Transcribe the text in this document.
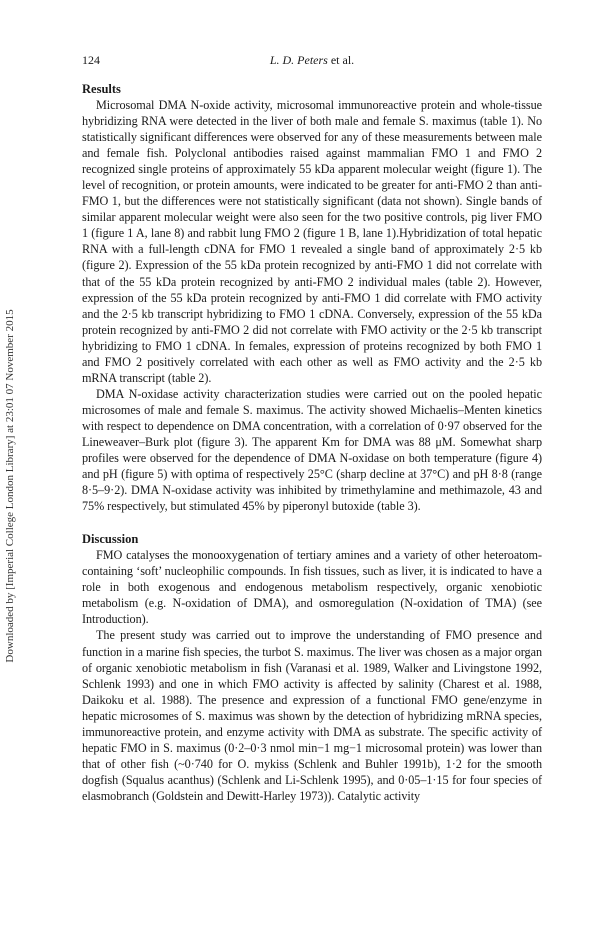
124	L. D. Peters et al.
Downloaded by [Imperial College London Library] at 23:01 07 November 2015
Results

Microsomal DMA N-oxide activity, microsomal immunoreactive protein and whole-tissue hybridizing RNA were detected in the liver of both male and female S. maximus (table 1). No statistically significant differences were observed for any of these measurements between male and female fish. Polyclonal antibodies raised against mammalian FMO 1 and FMO 2 recognized single proteins of approximately 55 kDa apparent molecular weight (figure 1). The level of recognition, or protein amounts, were indicated to be greater for anti-FMO 2 than anti-FMO 1, but the differences were not statistically significant (data not shown). Single bands of similar apparent molecular weight were also seen for the two positive controls, pig liver FMO 1 (figure 1 A, lane 8) and rabbit lung FMO 2 (figure 1 B, lane 1).Hybridization of total hepatic RNA with a full-length cDNA for FMO 1 revealed a single band of approximately 2·5 kb (figure 2). Expression of the 55 kDa protein recognized by anti-FMO 1 did not correlate with that of the 55 kDa protein recognized by anti-FMO 2 individual males (table 2). However, expression of the 55 kDa protein recognized by anti-FMO 1 did correlate with FMO activity and the 2·5 kb transcript hybridizing to FMO 1 cDNA. Conversely, expression of the 55 kDa protein recognized by anti-FMO 2 did not correlate with FMO activity or the 2·5 kb transcript hybridizing to FMO 1 cDNA. In females, expression of proteins recognized by both FMO 1 and FMO 2 positively correlated with each other as well as FMO activity and the 2·5 kb mRNA transcript (table 2).

DMA N-oxidase activity characterization studies were carried out on the pooled hepatic microsomes of male and female S. maximus. The activity showed Michaelis–Menten kinetics with respect to dependence on DMA concentration, with a correlation of 0·97 observed for the Lineweaver–Burk plot (figure 3). The apparent Km for DMA was 88 μM. Somewhat sharp profiles were observed for the dependence of DMA N-oxidase on both temperature (figure 4) and pH (figure 5) with optima of respectively 25°C (sharp decline at 37°C) and pH 8·8 (range 8·5–9·2). DMA N-oxidase activity was inhibited by trimethylamine and methimazole, 43 and 75% respectively, but stimulated 45% by piperonyl butoxide (table 3).

Discussion

FMO catalyses the monooxygenation of tertiary amines and a variety of other heteroatom-containing ‘soft’ nucleophilic compounds. In fish tissues, such as liver, it is indicated to have a role in both exogenous and endogenous metabolism respectively, organic xenobiotic metabolism (e.g. N-oxidation of DMA), and osmoregulation (N-oxidation of TMA) (see Introduction).

The present study was carried out to improve the understanding of FMO presence and function in a marine fish species, the turbot S. maximus. The liver was chosen as a major organ of organic xenobiotic metabolism in fish (Varanasi et al. 1989, Walker and Livingstone 1992, Schlenk 1993) and one in which FMO activity is affected by salinity (Charest et al. 1988, Daikoku et al. 1988). The presence and expression of a functional FMO gene/enzyme in hepatic microsomes of S. maximus was shown by the detection of hybridizing mRNA species, immunoreactive protein, and enzyme activity with DMA as substrate. The specific activity of hepatic FMO in S. maximus (0·2–0·3 nmol min−1 mg−1 microsomal protein) was lower than that of other fish (~0·740 for O. mykiss (Schlenk and Buhler 1991b), 1·2 for the smooth dogfish (Squalus acanthus) (Schlenk and Li-Schlenk 1995), and 0·05–1·15 for four species of elasmobranch (Goldstein and Dewitt-Harley 1973)). Catalytic activity
